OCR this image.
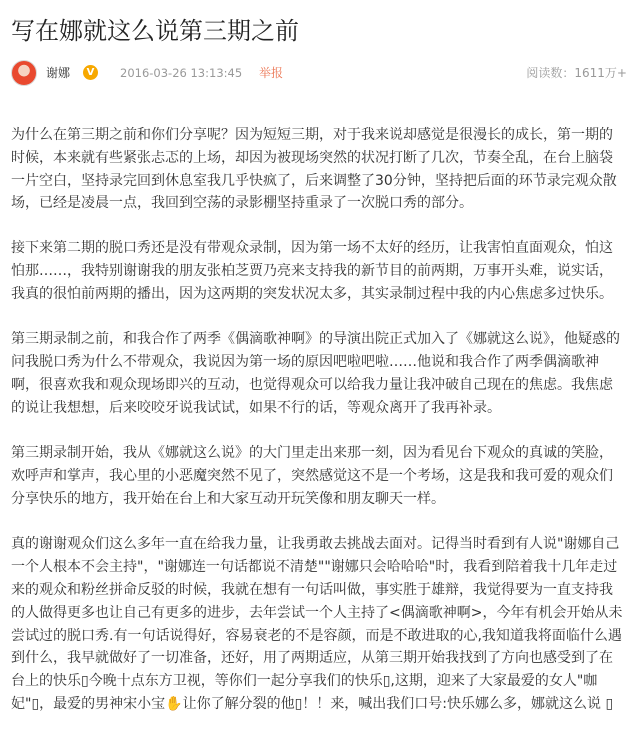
写在娜就这么说第三期之前
谢娜	V	2016-03-26 13:13:45 举报	阅读数：1611万+

为什么在第三期之前和你们分享呢？因为短短三期，对于我来说却感觉是很漫长的成长，第一期的时候，本来就有些紧张忐忑的上场，却因为被现场突然的状况打断了几次，节奏全乱，在台上脑袋一片空白，坚持录完回到休息室我几乎快疯了，后来调整了30分钟，坚持把后面的环节录完观众散场，已经是凌晨一点，我回到空荡的录影棚坚持重录了一次脱口秀的部分。

接下来第二期的脱口秀还是没有带观众录制，因为第一场不太好的经历，让我害怕直面观众，怕这怕那……，我特别谢谢我的朋友张柏芝贾乃亮来支持我的新节目的前两期，万事开头难，说实话，我真的很怕前两期的播出，因为这两期的突发状况太多，其实录制过程中我的内心焦虑多过快乐。

第三期录制之前，和我合作了两季《偶滴歌神啊》的导演出院正式加入了《娜就这么说》，他疑惑的问我脱口秀为什么不带观众，我说因为第一场的原因吧啦吧啦……他说和我合作了两季偶滴歌神啊，很喜欢我和观众现场即兴的互动，也觉得观众可以给我力量让我冲破自己现在的焦虑。我焦虑的说让我想想，后来咬咬牙说我试试，如果不行的话，等观众离开了我再补录。

第三期录制开始，我从《娜就这么说》的大门里走出来那一刻，因为看见台下观众的真诚的笑脸，欢呼声和掌声，我心里的小恶魔突然不见了，突然感觉这不是一个考场，这是我和我可爱的观众们分享快乐的地方，我开始在台上和大家互动开玩笑像和朋友聊天一样。

真的谢谢观众们这么多年一直在给我力量，让我勇敢去挑战去面对。记得当时看到有人说"谢娜自己一个人根本不会主持"，"谢娜连一句话都说不清楚""谢娜只会哈哈哈"时，我看到陪着我十几年走过来的观众和粉丝拼命反驳的时候，我就在想有一句话叫做，事实胜于雄辩，我觉得要为一直支持我的人做得更多也让自己有更多的进步，去年尝试一个人主持了<偶滴歌神啊>，今年有机会开始从未尝试过的脱口秀.有一句话说得好，容易衰老的不是容颜，而是不敢进取的心,我知道我将面临什么遇到什么，我早就做好了一切准备，还好，用了两期适应，从第三期开始我找到了方向也感受到了在台上的快乐▯今晚十点东方卫视，等你们一起分享我们的快乐▯,这期，迎来了大家最爱的女人"咖妃"▯，最爱的男神宋小宝✋让你了解分裂的他▯！！来，喊出我们口号:快乐娜么多，娜就这么说 ▯
